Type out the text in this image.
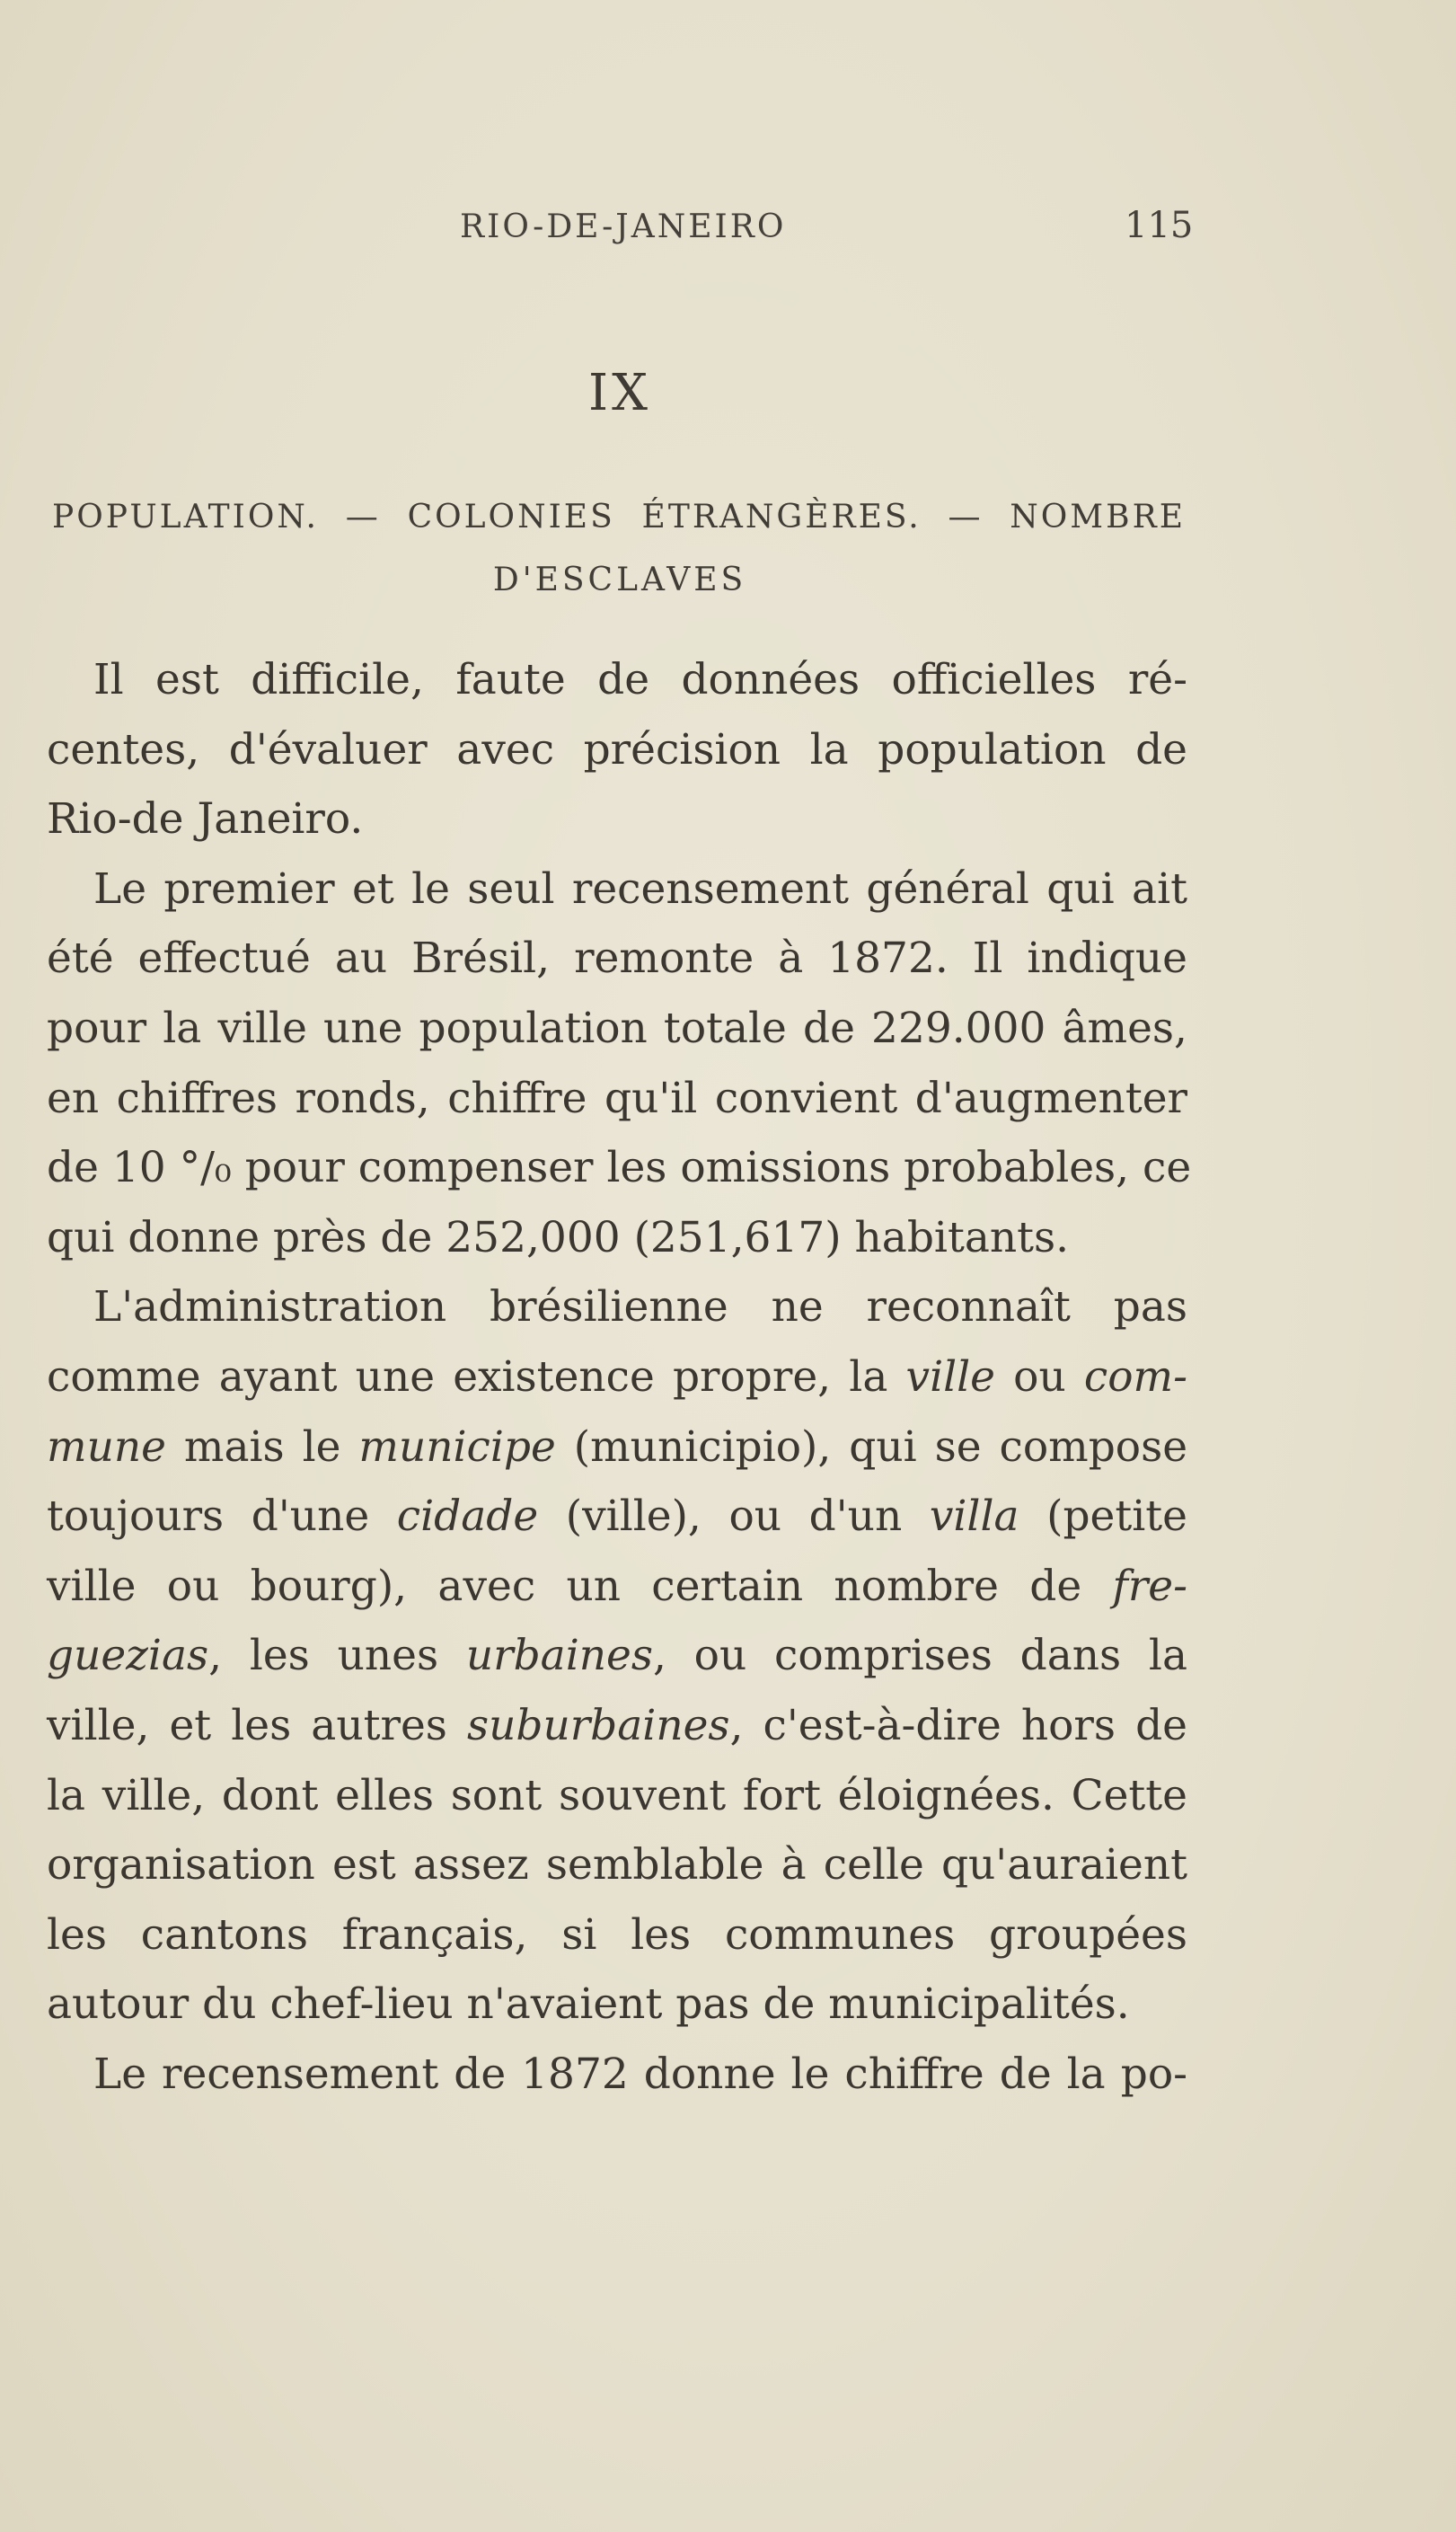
RIO-DE-JANEIRO	115
IX
POPULATION. — COLONIES ÉTRANGÈRES. — NOMBRE
D'ESCLAVES
Il est difficile, faute de données officielles ré-
centes, d'évaluer avec précision la population de
Rio-de Janeiro.
Le premier et le seul recensement général qui ait
été effectué au Brésil, remonte à 1872. Il indique
pour la ville une population totale de 229.000 âmes,
en chiffres ronds, chiffre qu'il convient d'augmenter
de 10 °/₀ pour compenser les omissions probables, ce
qui donne près de 252,000 (251,617) habitants.
L'administration brésilienne ne reconnaît pas
comme ayant une existence propre, la ville ou com-
mune mais le municipe (municipio), qui se compose
toujours d'une cidade (ville), ou d'un villa (petite
ville ou bourg), avec un certain nombre de fre-
guezias, les unes urbaines, ou comprises dans la
ville, et les autres suburbaines, c'est-à-dire hors de
la ville, dont elles sont souvent fort éloignées. Cette
organisation est assez semblable à celle qu'auraient
les cantons français, si les communes groupées
autour du chef-lieu n'avaient pas de municipalités.
Le recensement de 1872 donne le chiffre de la po-
